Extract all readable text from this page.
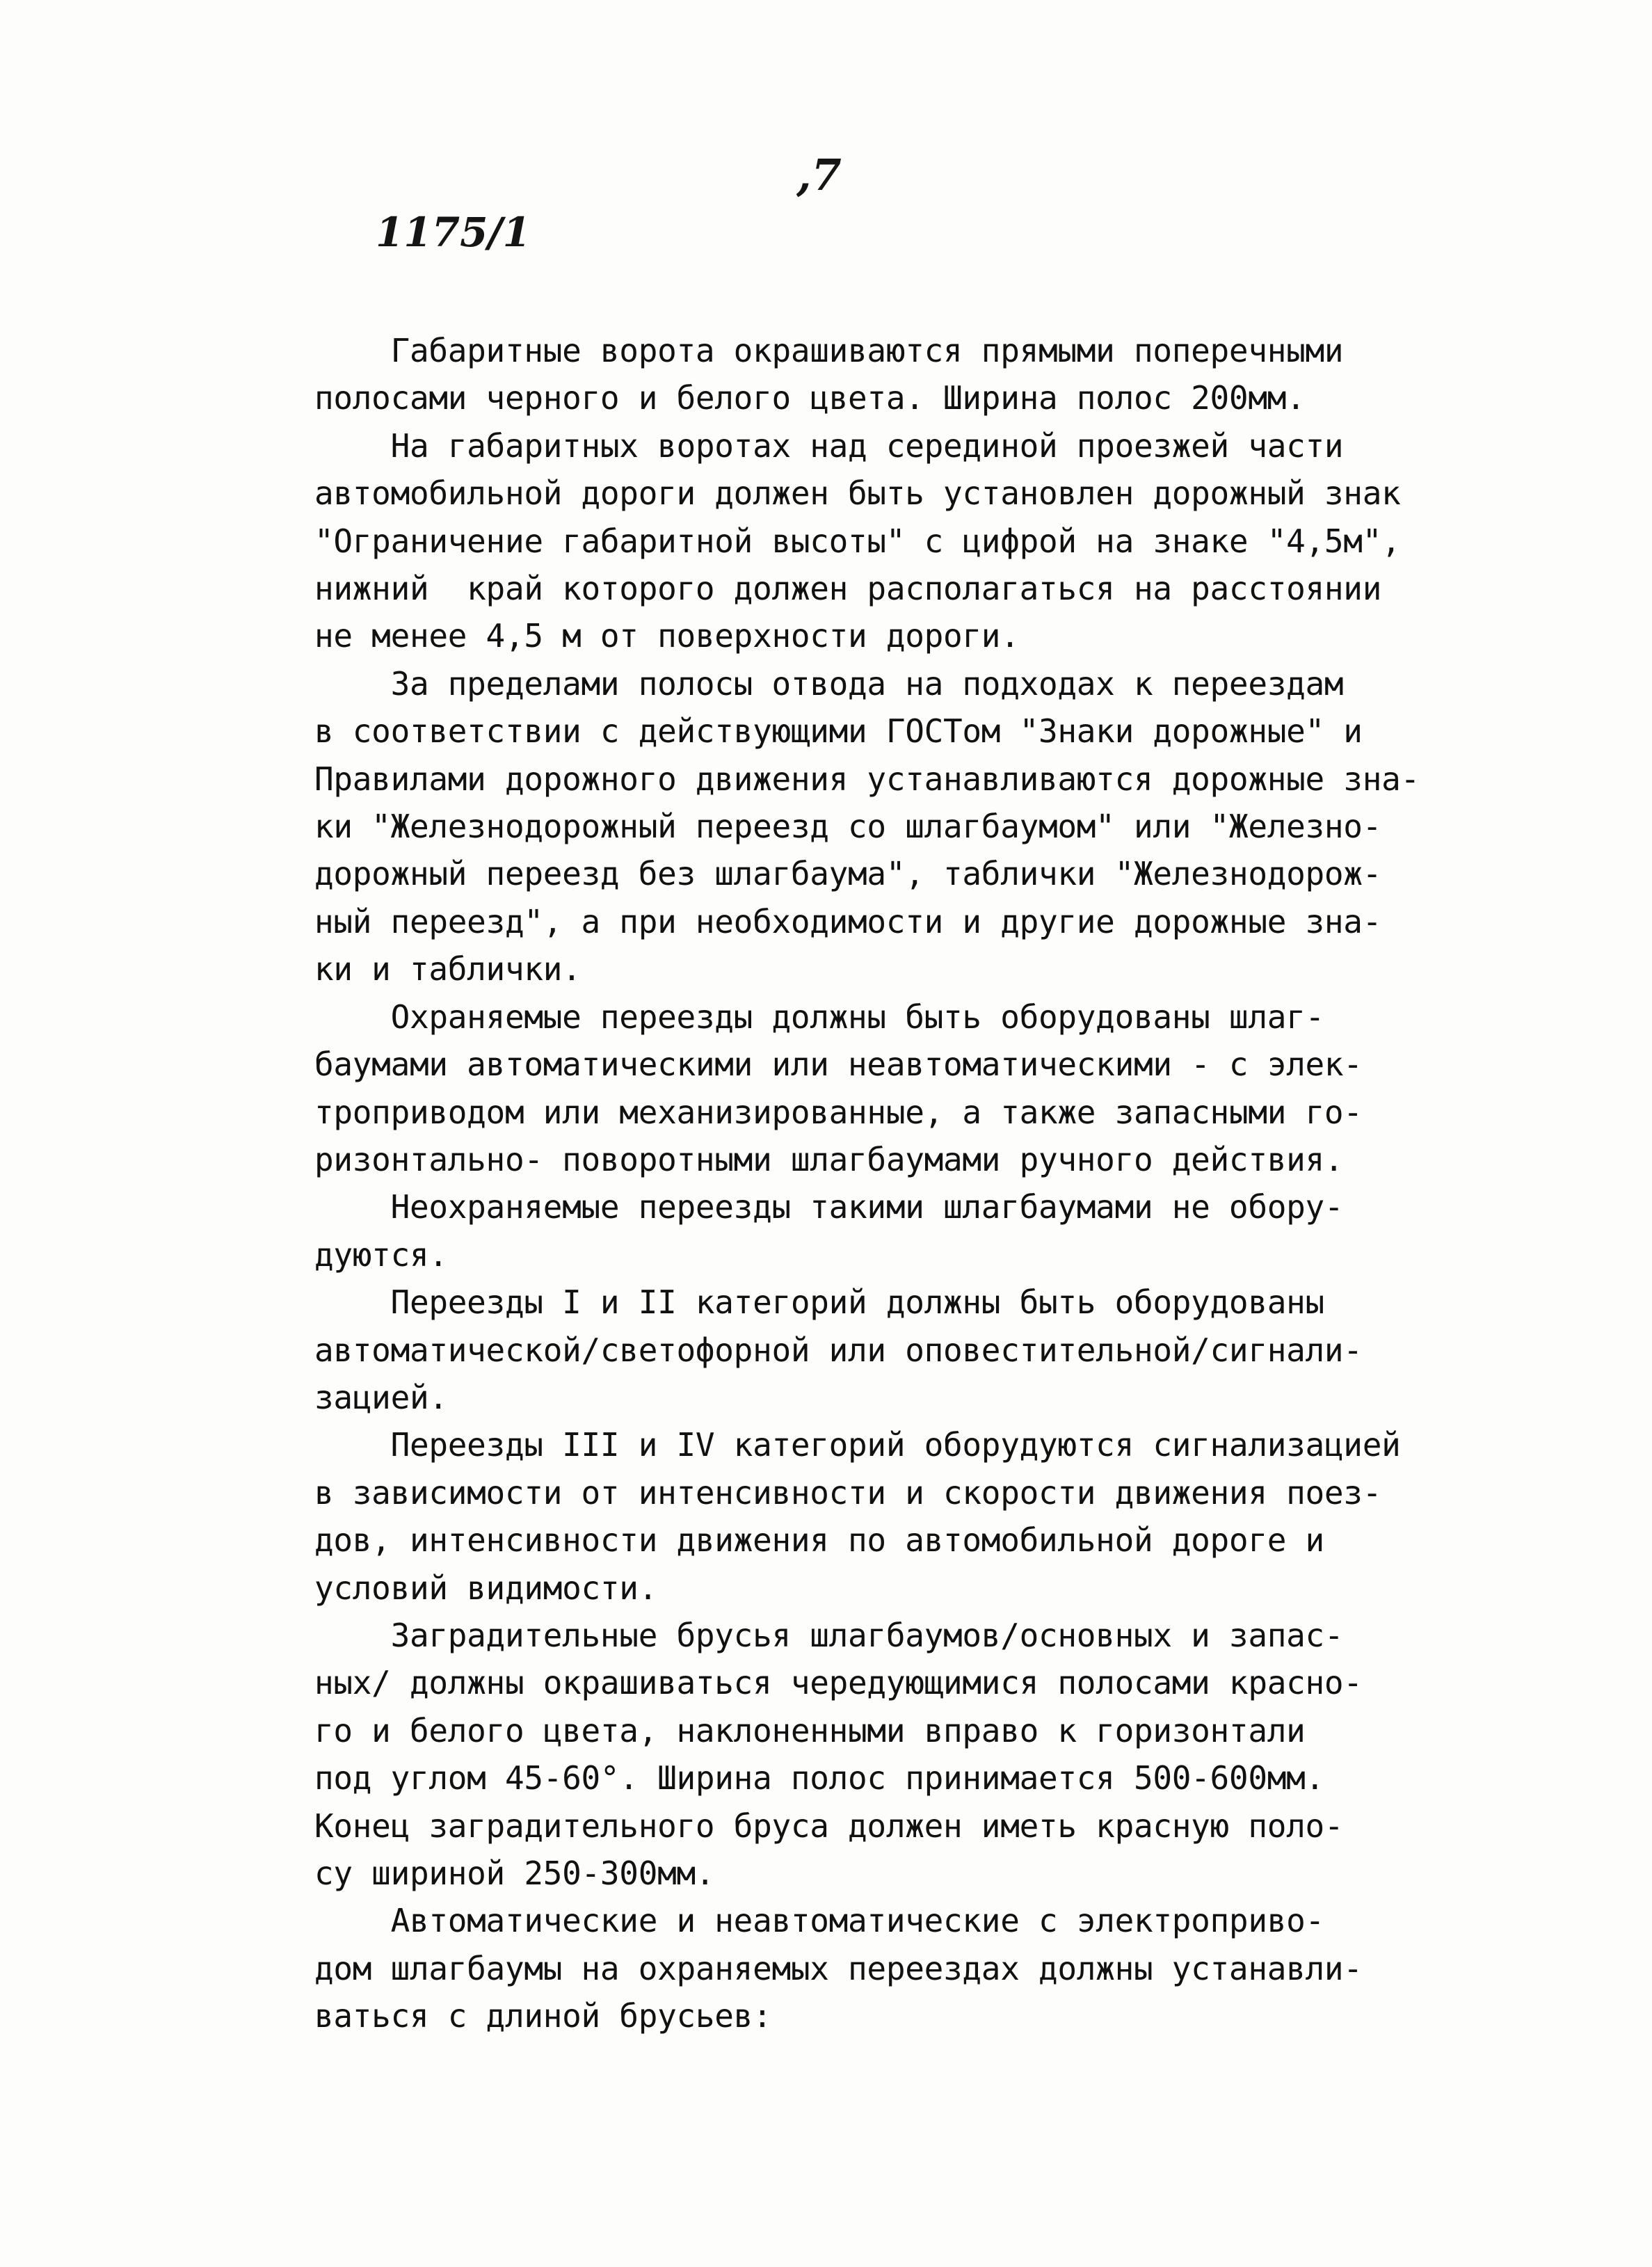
,7
1175/1

Габаритные ворота окрашиваются прямыми поперечными

полосами черного и белого цвета. Ширина полос 200мм.

На габаритных воротах над серединой проезжей части

автомобильной дороги должен быть установлен дорожный знак

"Ограничение габаритной высоты" с цифрой на знаке "4,5м",

нижний  край которого должен располагаться на расстоянии

не менее 4,5 м от поверхности дороги.

За пределами полосы отвода на подходах к переездам

в соответствии с действующими ГОСТом "Знаки дорожные" и

Правилами дорожного движения устанавливаются дорожные зна-

ки "Железнодорожный переезд со шлагбаумом" или "Железно-

дорожный переезд без шлагбаума", таблички "Железнодорож-

ный переезд", а при необходимости и другие дорожные зна-

ки и таблички.

Охраняемые переезды должны быть оборудованы шлаг-

баумами автоматическими или неавтоматическими - с элек-

троприводом или механизированные, а также запасными го-

ризонтально- поворотными шлагбаумами ручного действия.

Неохраняемые переезды такими шлагбаумами не обору-

дуются.

Переезды I и II категорий должны быть оборудованы

автоматической/светофорной или оповестительной/сигнали-

зацией.

Переезды III и IV категорий оборудуются сигнализацией

в зависимости от интенсивности и скорости движения поез-

дов, интенсивности движения по автомобильной дороге и

условий видимости.

Заградительные брусья шлагбаумов/основных и запас-

ных/ должны окрашиваться чередующимися полосами красно-

го и белого цвета, наклоненными вправо к горизонтали

под углом 45-60°. Ширина полос принимается 500-600мм.

Конец заградительного бруса должен иметь красную поло-

су шириной 250-300мм.

Автоматические и неавтоматические с электроприво-

дом шлагбаумы на охраняемых переездах должны устанавли-

ваться с длиной брусьев:
